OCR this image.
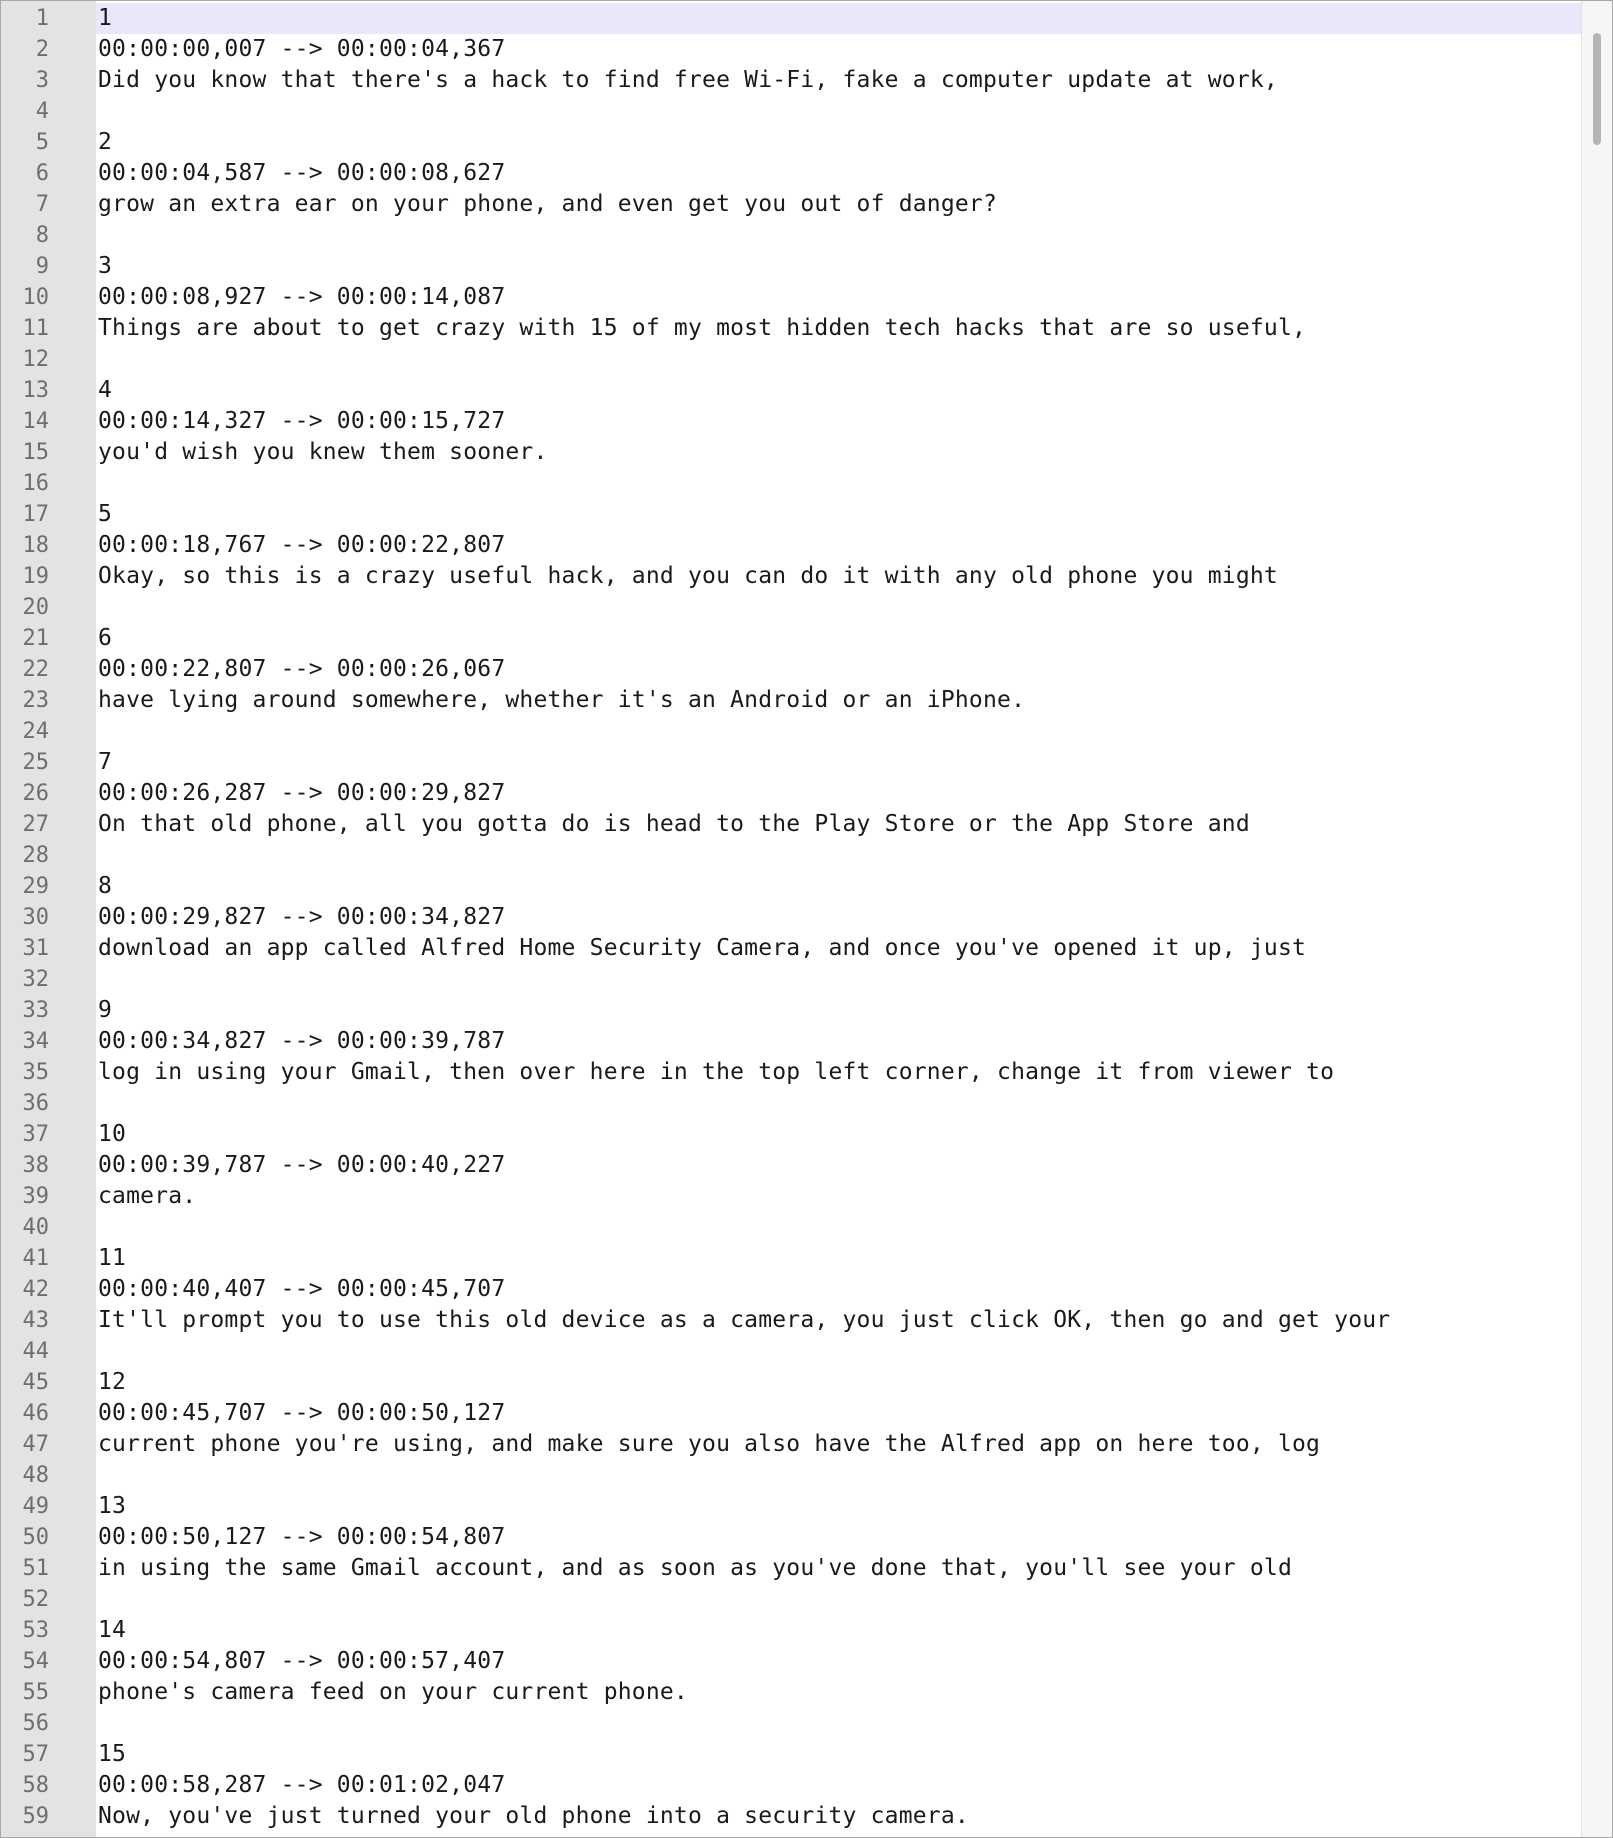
1 1
2 00:00:00,007 --> 00:00:04,367
3 Did you know that there's a hack to find free Wi-Fi, fake a computer update at work,
4
5 2
6 00:00:04,587 --> 00:00:08,627
7 grow an extra ear on your phone, and even get you out of danger?
8
9 3
10 00:00:08,927 --> 00:00:14,087
11 Things are about to get crazy with 15 of my most hidden tech hacks that are so useful,
12
13 4
14 00:00:14,327 --> 00:00:15,727
15 you'd wish you knew them sooner.
16
17 5
18 00:00:18,767 --> 00:00:22,807
19 Okay, so this is a crazy useful hack, and you can do it with any old phone you might
20
21 6
22 00:00:22,807 --> 00:00:26,067
23 have lying around somewhere, whether it's an Android or an iPhone.
24
25 7
26 00:00:26,287 --> 00:00:29,827
27 On that old phone, all you gotta do is head to the Play Store or the App Store and
28
29 8
30 00:00:29,827 --> 00:00:34,827
31 download an app called Alfred Home Security Camera, and once you've opened it up, just
32
33 9
34 00:00:34,827 --> 00:00:39,787
35 log in using your Gmail, then over here in the top left corner, change it from viewer to
36
37 10
38 00:00:39,787 --> 00:00:40,227
39 camera.
40
41 11
42 00:00:40,407 --> 00:00:45,707
43 It'll prompt you to use this old device as a camera, you just click OK, then go and get your
44
45 12
46 00:00:45,707 --> 00:00:50,127
47 current phone you're using, and make sure you also have the Alfred app on here too, log
48
49 13
50 00:00:50,127 --> 00:00:54,807
51 in using the same Gmail account, and as soon as you've done that, you'll see your old
52
53 14
54 00:00:54,807 --> 00:00:57,407
55 phone's camera feed on your current phone.
56
57 15
58 00:00:58,287 --> 00:01:02,047
59 Now, you've just turned your old phone into a security camera.
